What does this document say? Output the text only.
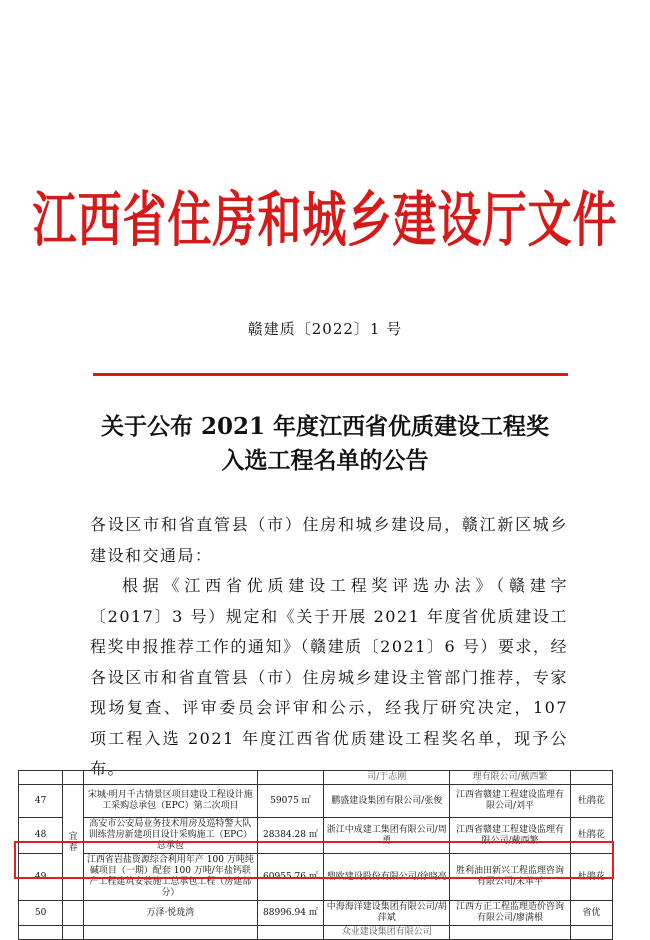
江西省住房和城乡建设厅文件
赣建质〔2022〕1 号
关于公布 2021 年度江西省优质建设工程奖
入选工程名单的公告

各设区市和省直管县（市）住房和城乡建设局，赣江新区城乡建设和交通局：

根据《江西省优质建设工程奖评选办法》（赣建字〔2017〕3 号）规定和《关于开展 2021 年度省优质建设工程奖申报推荐工作的通知》（赣建质〔2021〕6 号）要求，经各设区市和省直管县（市）住房城乡建设主管部门推荐，专家现场复查、评审委员会评审和公示，经我厅研究决定，107 项工程入选 2021 年度江西省优质建设工程奖名单，现予公布。

					司/于志刚	理有限公司/戴西繁	
47	宜春	宋城·明月千古情景区项目建设工程设计施工采购总承包（EPC）第二次项目	59075 ㎡	鹏盛建设集团有限公司/张俊	江西省赣建工程建设监理有限公司/刘平	杜鹃花
48		高安市公安局业务技术用房及巡特警大队训练营房新建项目设计采购施工（EPC）总承包	28384.28 ㎡	浙江中成建工集团有限公司/周勇	江西省赣建工程建设监理有限公司/戴西繁	杜鹃花
49		江西省岩盐资源综合利用年产 100 万吨纯碱项目（一期）配套 100 万吨/年盐钙联产工程建筑安装施工总承包工程（房建部分）	60955.76 ㎡	鼎欧建设股份有限公司/徐晓亮	胜利油田新兴工程监理咨询有限公司/宋革平	杜鹃花
50		万泽·悦珑湾	88996.94 ㎡	中海海洋建设集团有限公司/胡萍斌	江西方正工程监理造价咨询有限公司/廖满根	省优
				众业建设集团有限公司		
